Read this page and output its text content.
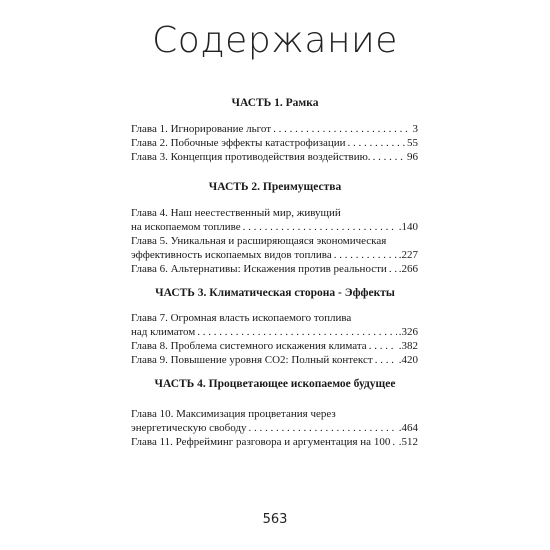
Содержание
ЧАСТЬ 1. Рамка
Глава 1. Игнорирование льгот . . .	3
Глава 2. Побочные эффекты катастрофизации . . .	55
Глава 3. Концепция противодействия воздействию. . . .	96
ЧАСТЬ 2. Преимущества
Глава 4. Наш неестественный мир, живущий
на ископаемом топливе . . .	.140
Глава 5. Уникальная и расширяющаяся экономическая
эффективность ископаемых видов топлива . . .	.227
Глава 6. Альтернативы: Искажения против реальности . . . .266
ЧАСТЬ 3. Климатическая сторона - Эффекты
Глава 7. Огромная власть ископаемого топлива
над климатом . . .	.326
Глава 8. Проблема системного искажения климата . . .	.382
Глава 9. Повышение уровня СО2: Полный контекст . . . .420
ЧАСТЬ 4. Процветающее ископаемое будущее
Глава 10. Максимизация процветания через
энергетическую свободу . . .	.464
Глава 11. Рефрейминг разговора и аргументация на 100 . . . .512
563
